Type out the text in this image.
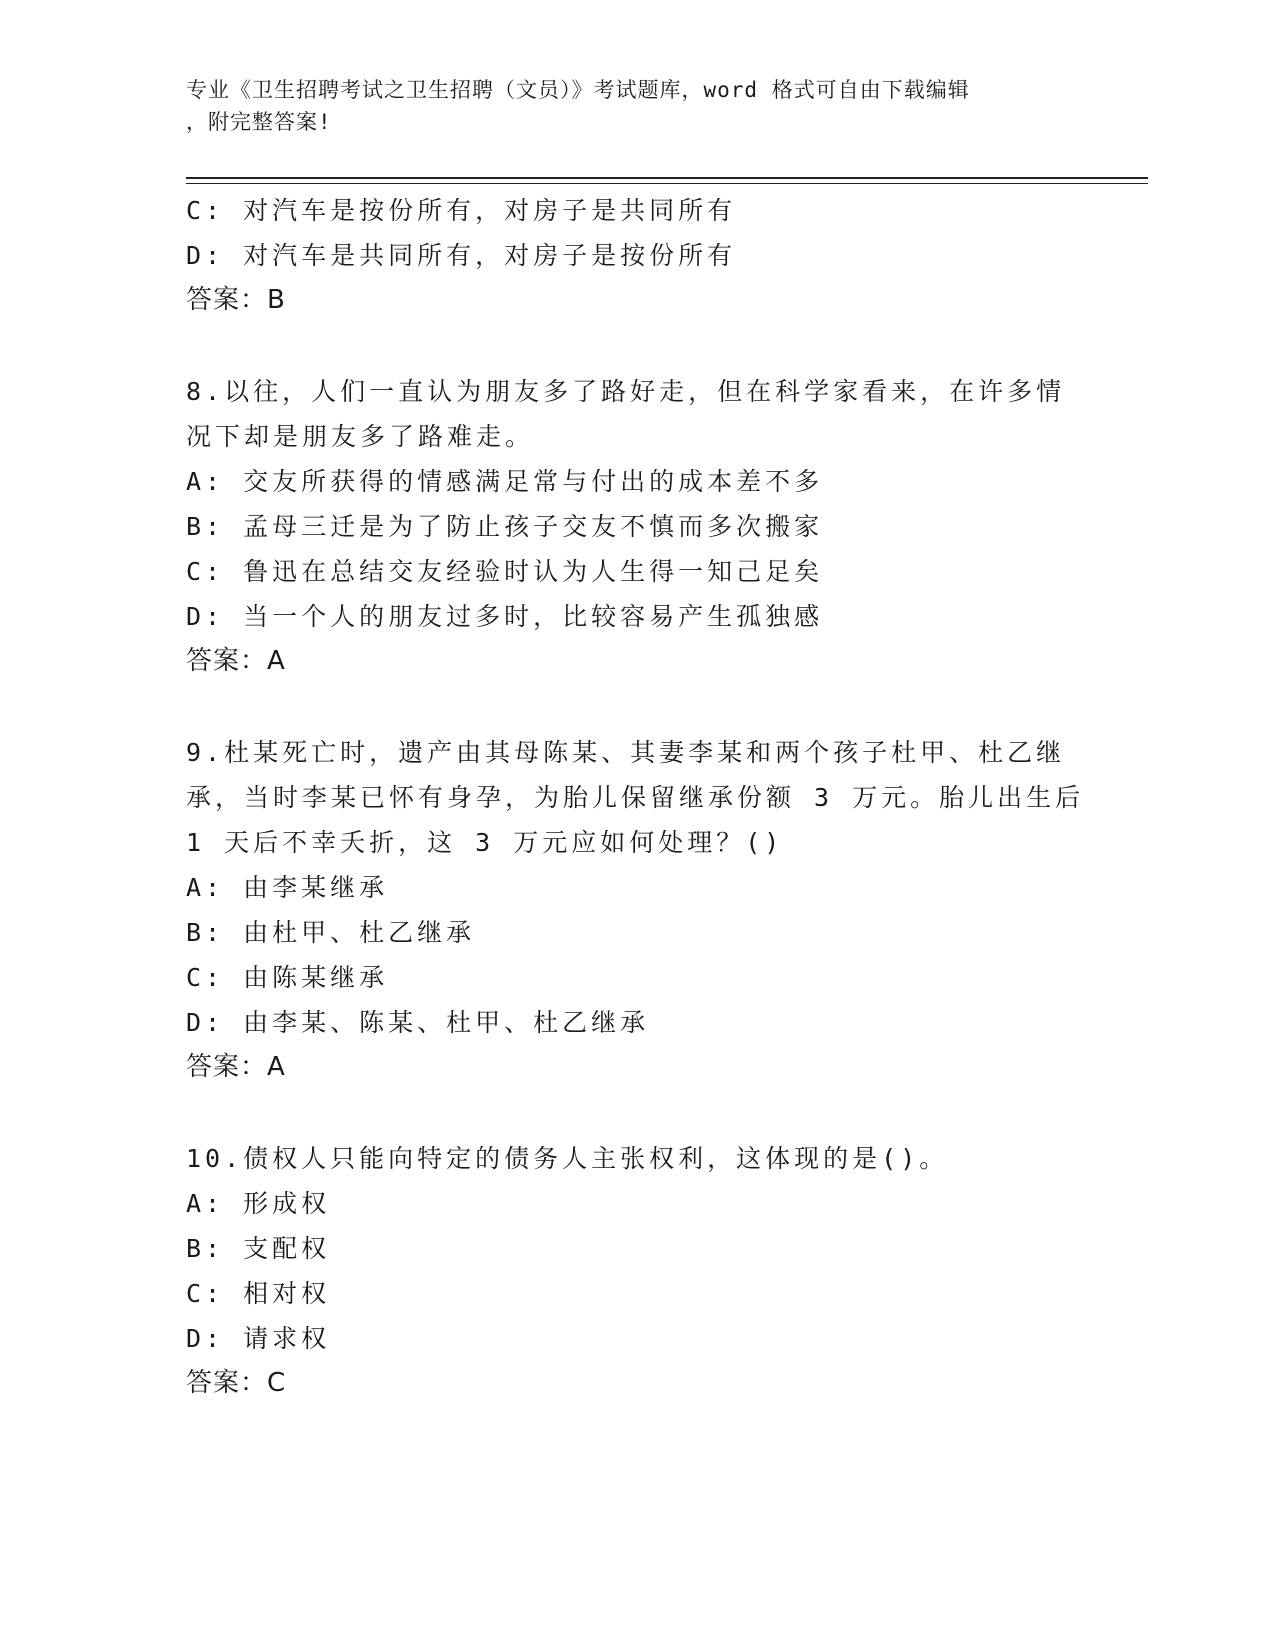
专业《卫生招聘考试之卫生招聘（文员）》考试题库，word 格式可自由下载编辑
，附完整答案!
C: 对汽车是按份所有，对房子是共同所有
D: 对汽车是共同所有，对房子是按份所有
答案：B
8.以往，人们一直认为朋友多了路好走，但在科学家看来，在许多情
况下却是朋友多了路难走。
A: 交友所获得的情感满足常与付出的成本差不多
B: 孟母三迁是为了防止孩子交友不慎而多次搬家
C: 鲁迅在总结交友经验时认为人生得一知己足矣
D: 当一个人的朋友过多时，比较容易产生孤独感
答案：A
9.杜某死亡时，遗产由其母陈某、其妻李某和两个孩子杜甲、杜乙继
承，当时李某已怀有身孕，为胎儿保留继承份额 3 万元。胎儿出生后
1 天后不幸夭折，这 3 万元应如何处理？()
A: 由李某继承
B: 由杜甲、杜乙继承
C: 由陈某继承
D: 由李某、陈某、杜甲、杜乙继承
答案：A
10.债权人只能向特定的债务人主张权利，这体现的是()。
A: 形成权
B: 支配权
C: 相对权
D: 请求权
答案：C
